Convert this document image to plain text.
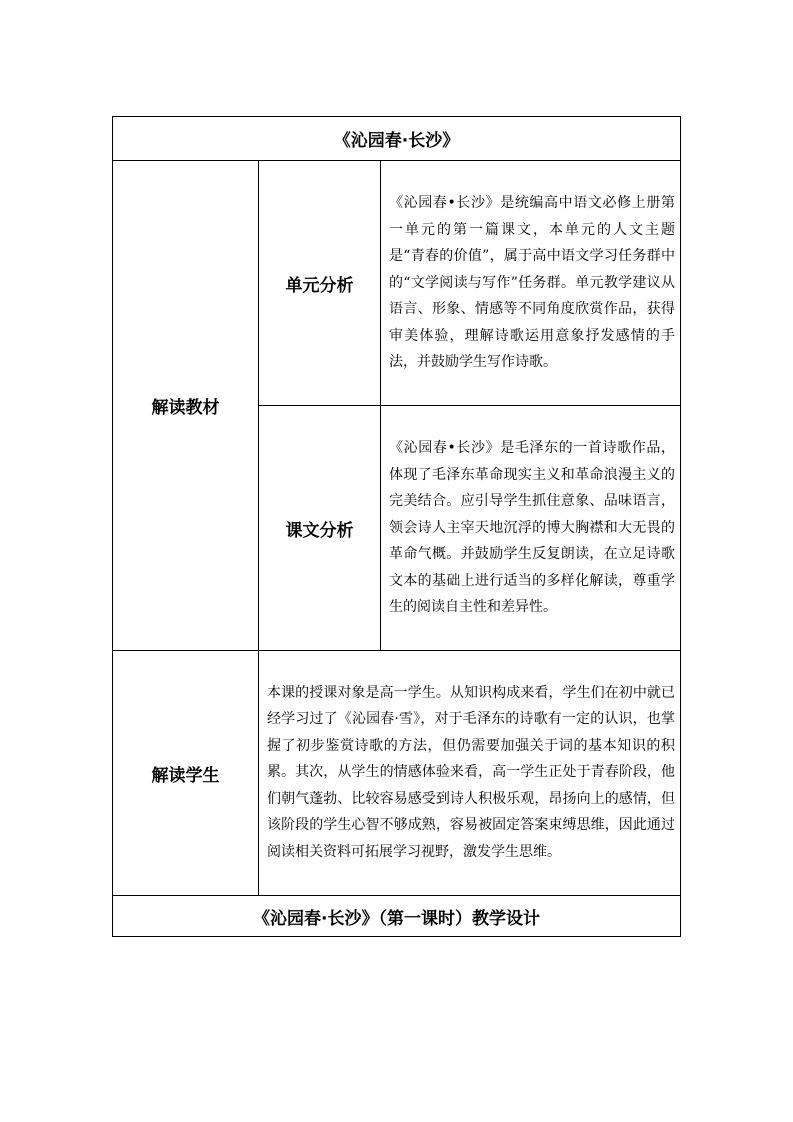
《沁园春·长沙》		
解读教材	单元分析	《沁园春•长沙》是统编高中语文必修上册第一单元的第一篇课文，本单元的人文主题是“青春的价值”，属于高中语文学习任务群中的“文学阅读与写作”任务群。单元教学建议从语言、形象、情感等不同角度欣赏作品，获得审美体验，理解诗歌运用意象抒发感情的手法，并鼓励学生写作诗歌。
	课文分析	《沁园春•长沙》是毛泽东的一首诗歌作品，体现了毛泽东革命现实主义和革命浪漫主义的完美结合。应引导学生抓住意象、品味语言，领会诗人主宰天地沉浮的博大胸襟和大无畏的革命气概。并鼓励学生反复朗读，在立足诗歌文本的基础上进行适当的多样化解读，尊重学生的阅读自主性和差异性。
解读学生	本课的授课对象是高一学生。从知识构成来看，学生们在初中就已经学习过了《沁园春·雪》，对于毛泽东的诗歌有一定的认识，也掌握了初步鉴赏诗歌的方法，但仍需要加强关于词的基本知识的积累。其次，从学生的情感体验来看，高一学生正处于青春阶段，他们朝气蓬勃、比较容易感受到诗人积极乐观，昂扬向上的感情，但该阶段的学生心智不够成熟，容易被固定答案束缚思维，因此通过阅读相关资料可拓展学习视野，激发学生思维。	
《沁园春·长沙》（第一课时）教学设计		
